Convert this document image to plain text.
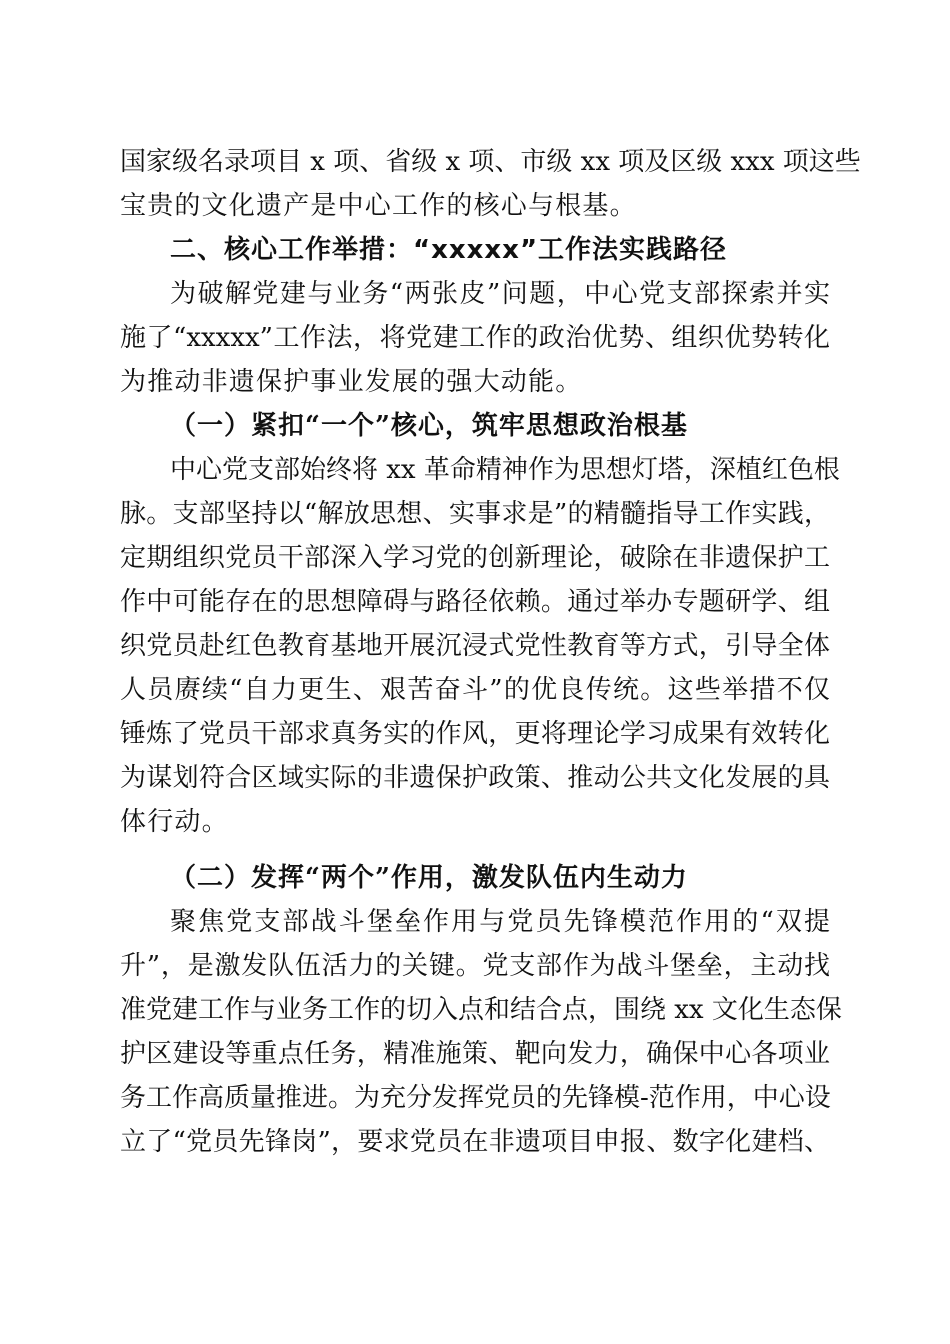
国家级名录项目 x 项、省级 x 项、市级 xx 项及区级 xxx 项这些
宝贵的文化遗产是中心工作的核心与根基。
二、核心工作举措：“xxxxx”工作法实践路径
为破解党建与业务“两张皮”问题，中心党支部探索并实
施了“xxxxx”工作法，将党建工作的政治优势、组织优势转化
为推动非遗保护事业发展的强大动能。
（一）紧扣“一个”核心，筑牢思想政治根基
中心党支部始终将 xx 革命精神作为思想灯塔，深植红色根
脉。支部坚持以“解放思想、实事求是”的精髓指导工作实践，
定期组织党员干部深入学习党的创新理论，破除在非遗保护工
作中可能存在的思想障碍与路径依赖。通过举办专题研学、组
织党员赴红色教育基地开展沉浸式党性教育等方式，引导全体
人员赓续“自力更生、艰苦奋斗”的优良传统。这些举措不仅
锤炼了党员干部求真务实的作风，更将理论学习成果有效转化
为谋划符合区域实际的非遗保护政策、推动公共文化发展的具
体行动。
（二）发挥“两个”作用，激发队伍内生动力
聚焦党支部战斗堡垒作用与党员先锋模范作用的“双提
升”，是激发队伍活力的关键。党支部作为战斗堡垒，主动找
准党建工作与业务工作的切入点和结合点，围绕 xx 文化生态保
护区建设等重点任务，精准施策、靶向发力，确保中心各项业
务工作高质量推进。为充分发挥党员的先锋模-范作用，中心设
立了“党员先锋岗”，要求党员在非遗项目申报、数字化建档、
